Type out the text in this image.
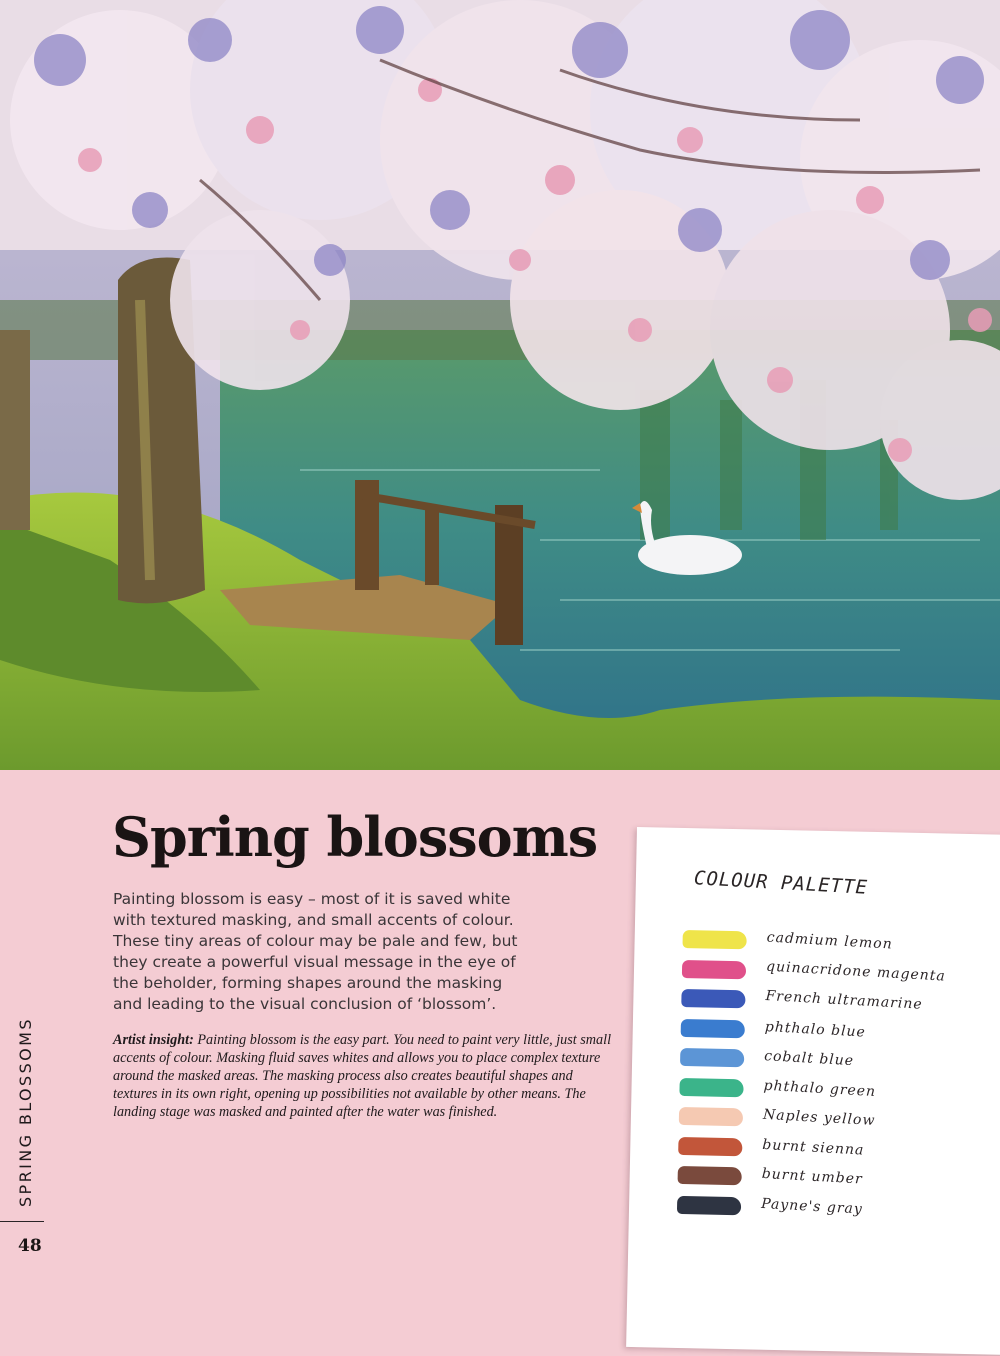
Spring blossoms

Painting blossom is easy – most of it is saved white with textured masking, and small accents of colour. These tiny areas of colour may be pale and few, but they create a powerful visual message in the eye of the beholder, forming shapes around the masking and leading to the visual conclusion of ‘blossom’.

Artist insight: Painting blossom is the easy part. You need to paint very little, just small accents of colour. Masking fluid saves whites and allows you to place complex texture around the masked areas. The masking process also creates beautiful shapes and textures in its own right, opening up possibilities not available by other means. The landing stage was masked and painted after the water was finished.

SPRING BLOSSOMS
48
COLOUR PALETTE
cadmium lemon
quinacridone magenta
French ultramarine
phthalo blue
cobalt blue
phthalo green
Naples yellow
burnt sienna
burnt umber
Payne's gray
